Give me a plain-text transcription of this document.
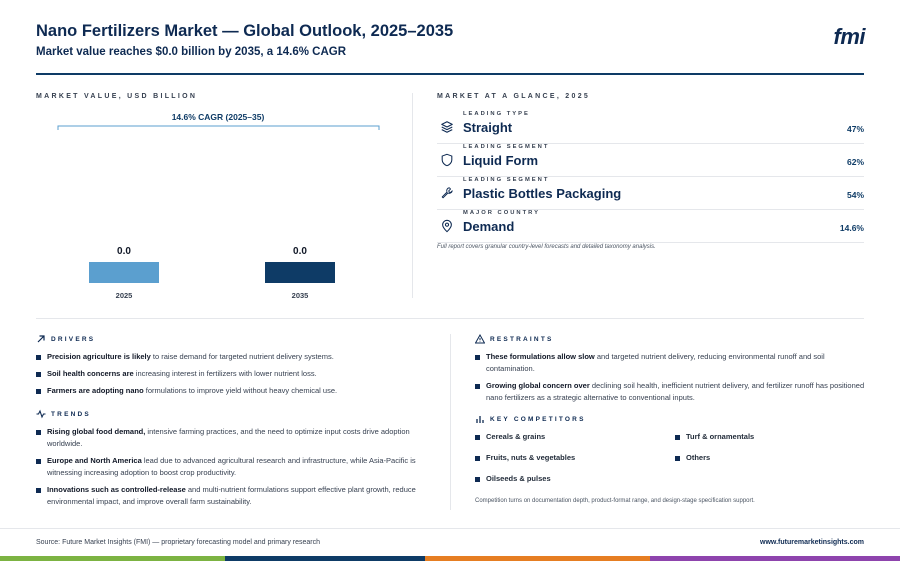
Nano Fertilizers Market — Global Outlook, 2025–2035
Market value reaches $0.0 billion by 2035, a 14.6% CAGR
fmi
MARKET VALUE, USD BILLION
14.6% CAGR (2025–35)
0.0
2025
0.0
2035
MARKET AT A GLANCE, 2025
LEADING TYPE
Straight	47%
LEADING SEGMENT
Liquid Form	62%
LEADING SEGMENT
Plastic Bottles Packaging	54%
MAJOR COUNTRY
Demand	14.6%
Full report covers granular country-level forecasts and detailed taxonomy analysis.
DRIVERS
Precision agriculture is likely to raise demand for targeted nutrient delivery systems.
Soil health concerns are increasing interest in fertilizers with lower nutrient loss.
Farmers are adopting nano formulations to improve yield without heavy chemical use.
TRENDS
Rising global food demand, intensive farming practices, and the need to optimize input costs drive adoption worldwide.
Europe and North America lead due to advanced agricultural research and infrastructure, while Asia-Pacific is witnessing increasing adoption to boost crop productivity.
Innovations such as controlled-release and multi-nutrient formulations support effective plant growth, reduce environmental impact, and improve overall farm sustainability.
RESTRAINTS
These formulations allow slow and targeted nutrient delivery, reducing environmental runoff and soil contamination.
Growing global concern over declining soil health, inefficient nutrient delivery, and fertilizer runoff has positioned nano fertilizers as a strategic alternative to conventional inputs.
KEY COMPETITORS
Cereals & grains	Turf & ornamentals
Fruits, nuts & vegetables	Others
Oilseeds & pulses
Competition turns on documentation depth, product-format range, and design-stage specification support.
Source: Future Market Insights (FMI) — proprietary forecasting model and primary research	www.futuremarketinsights.com
